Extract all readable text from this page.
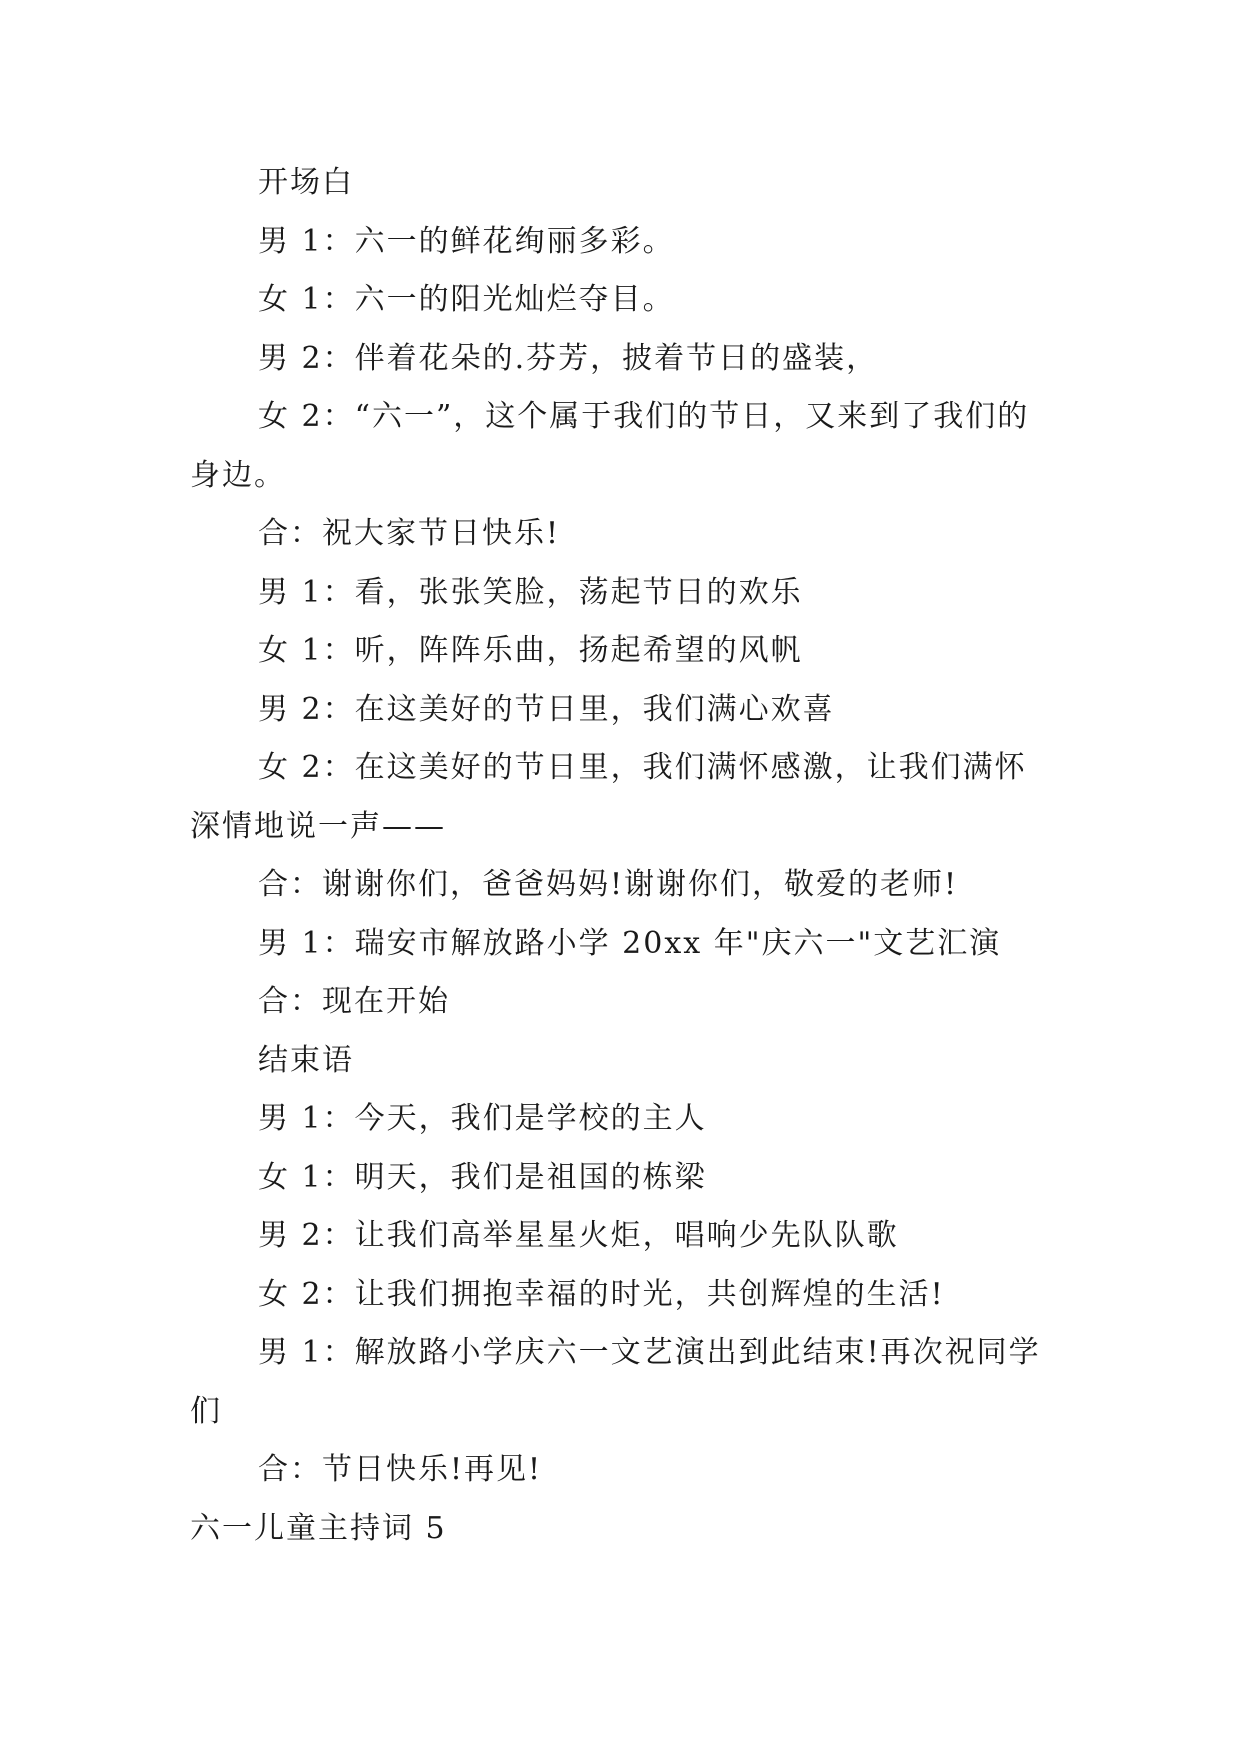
开场白

男 1：六一的鲜花绚丽多彩。

女 1：六一的阳光灿烂夺目。

男 2：伴着花朵的.芬芳，披着节日的盛装，

女 2：“六一”，这个属于我们的节日，又来到了我们的身边。

合：祝大家节日快乐!

男 1：看，张张笑脸，荡起节日的欢乐

女 1：听，阵阵乐曲，扬起希望的风帆

男 2：在这美好的节日里，我们满心欢喜

女 2：在这美好的节日里，我们满怀感激，让我们满怀深情地说一声——

合：谢谢你们，爸爸妈妈!谢谢你们，敬爱的老师!

男 1：瑞安市解放路小学 20xx 年"庆六一"文艺汇演

合：现在开始

结束语

男 1：今天，我们是学校的主人

女 1：明天，我们是祖国的栋梁

男 2：让我们高举星星火炬，唱响少先队队歌

女 2：让我们拥抱幸福的时光，共创辉煌的生活!

男 1：解放路小学庆六一文艺演出到此结束!再次祝同学们

合：节日快乐!再见!

六一儿童主持词 5
